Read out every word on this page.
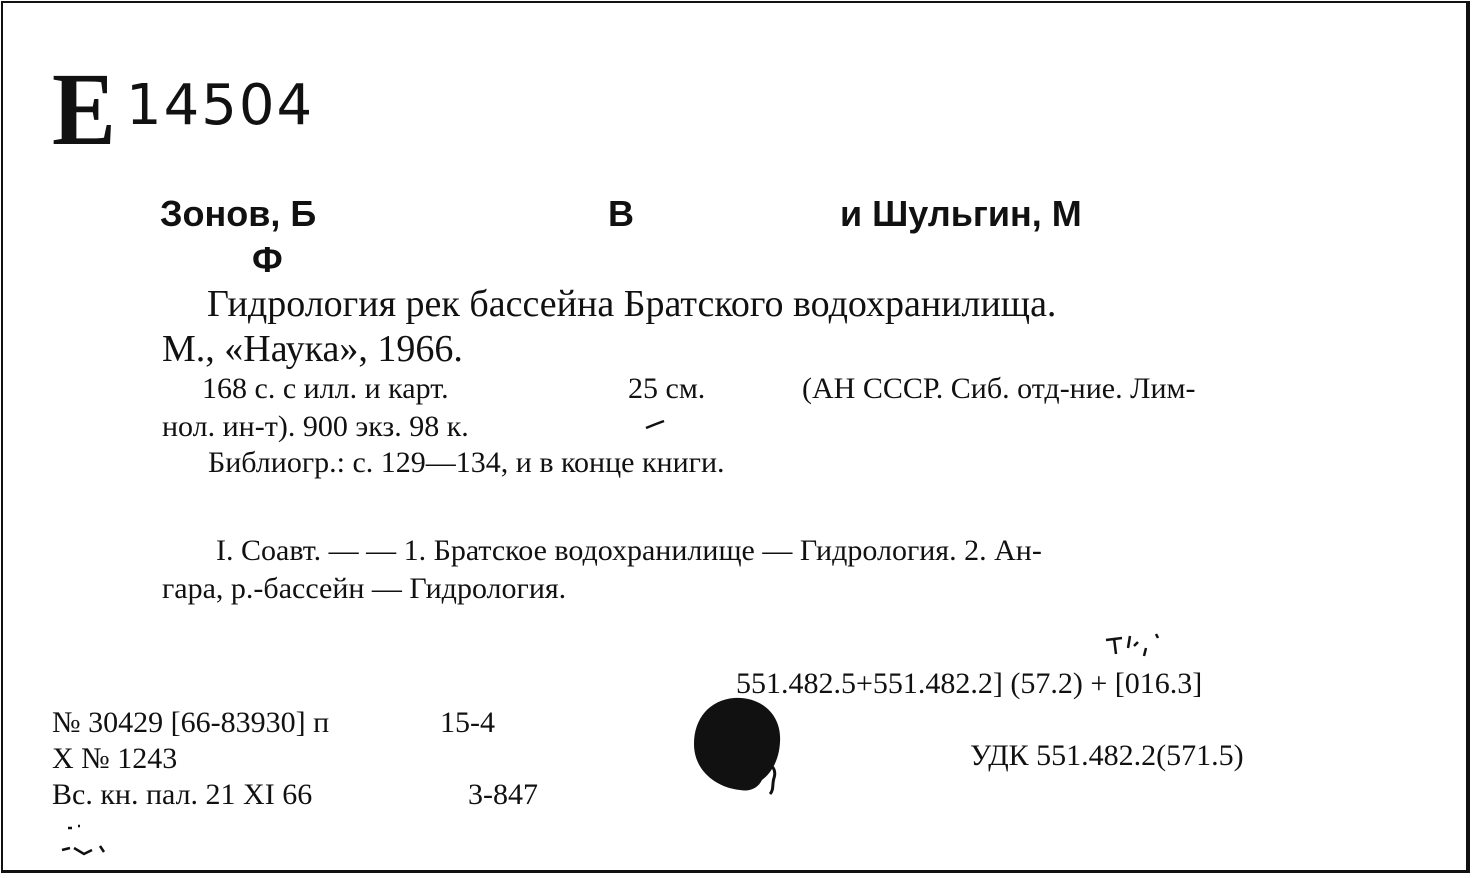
E 14504
Зонов, Б	В	и Шульгин, М
Ф
Гидрология рек бассейна Братского водохранилища.
М., «Наука», 1966.
168 с. с илл. и карт.	25 см.	(АН СССР. Сиб. отд-ние. Лим-
нол. ин-т). 900 экз. 98 к.
Библиогр.: с. 129—134, и в конце книги.
I. Соавт. — — 1. Братское водохранилище — Гидрология. 2. Ан-
гара, р.-бассейн — Гидрология.
551.482.5+551.482.2] (57.2) + [016.3]
УДК 551.482.2(571.5)
№ 30429 [66-83930] п	15-4
Х № 1243
Вс. кн. пал. 21 XI 66	3-847
